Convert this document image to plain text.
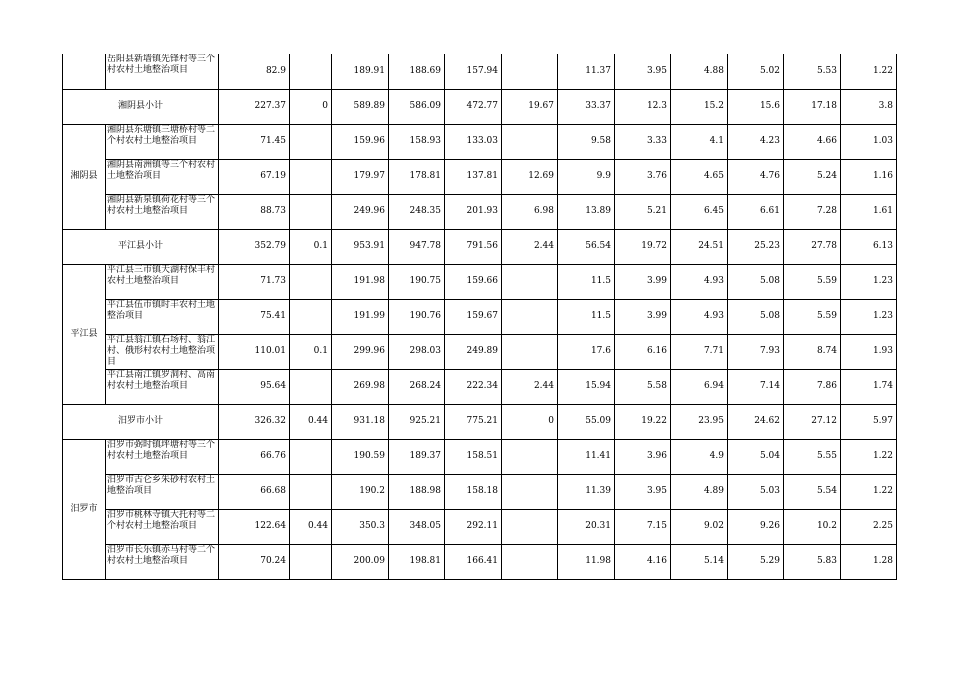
	岳阳县新墙镇先锋村等三个村农村土地整治项目	82.9		189.91	188.69	157.94		11.37	3.95	4.88	5.02	5.53	1.22
湘阴县小计		227.37	0	589.89	586.09	472.77	19.67	33.37	12.3	15.2	15.6	17.18	3.8
湘阴县	湘阴县东塘镇三塘桥村等二个村农村土地整治项目	71.45		159.96	158.93	133.03		9.58	3.33	4.1	4.23	4.66	1.03
	湘阴县南洲镇等三个村农村土地整治项目	67.19		179.97	178.81	137.81	12.69	9.9	3.76	4.65	4.76	5.24	1.16
	湘阴县新泉镇荷花村等三个村农村土地整治项目	88.73		249.96	248.35	201.93	6.98	13.89	5.21	6.45	6.61	7.28	1.61
平江县小计		352.79	0.1	953.91	947.78	791.56	2.44	56.54	19.72	24.51	25.23	27.78	6.13
平江县	平江县三市镇天湖村保丰村农村土地整治项目	71.73		191.98	190.75	159.66		11.5	3.99	4.93	5.08	5.59	1.23
	平江县伍市镇时丰农村土地整治项目	75.41		191.99	190.76	159.67		11.5	3.99	4.93	5.08	5.59	1.23
	平江县翁江镇石场村、翁江村、俄形村农村土地整治项目	110.01	0.1	299.96	298.03	249.89		17.6	6.16	7.71	7.93	8.74	1.93
	平江县南江镇罗洞村、高南村农村土地整治项目	95.64		269.98	268.24	222.34	2.44	15.94	5.58	6.94	7.14	7.86	1.74
汨罗市小计		326.32	0.44	931.18	925.21	775.21	0	55.09	19.22	23.95	24.62	27.12	5.97
汨罗市	汨罗市弼时镇坪塘村等三个村农村土地整治项目	66.76		190.59	189.37	158.51		11.41	3.96	4.9	5.04	5.55	1.22
	汨罗市古仑乡朱砂村农村土地整治项目	66.68		190.2	188.98	158.18		11.39	3.95	4.89	5.03	5.54	1.22
	汨罗市桃林寺镇大托村等二个村农村土地整治项目	122.64	0.44	350.3	348.05	292.11		20.31	7.15	9.02	9.26	10.2	2.25
	汨罗市长乐镇赤马村等二个村农村土地整治项目	70.24		200.09	198.81	166.41		11.98	4.16	5.14	5.29	5.83	1.28
